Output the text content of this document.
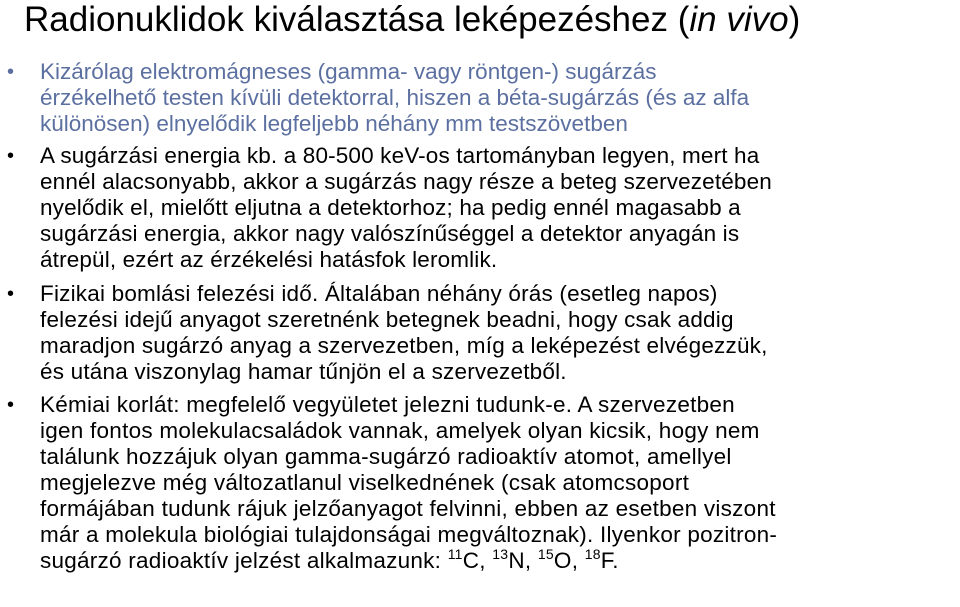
Radionuklidok kiválasztása leképezéshez (in vivo)
• Kizárólag elektromágneses (gamma- vagy röntgen-) sugárzás
érzékelhető testen kívüli detektorral, hiszen a béta-sugárzás (és az alfa
különösen) elnyelődik legfeljebb néhány mm testszövetben
• A sugárzási energia kb. a 80-500 keV-os tartományban legyen, mert ha
ennél alacsonyabb, akkor a sugárzás nagy része a beteg szervezetében
nyelődik el, mielőtt eljutna a detektorhoz; ha pedig ennél magasabb a
sugárzási energia, akkor nagy valószínűséggel a detektor anyagán is
átrepül, ezért az érzékelési hatásfok leromlik.
• Fizikai bomlási felezési idő. Általában néhány órás (esetleg napos)
felezési idejű anyagot szeretnénk betegnek beadni, hogy csak addig
maradjon sugárzó anyag a szervezetben, míg a leképezést elvégezzük,
és utána viszonylag hamar tűnjön el a szervezetből.
• Kémiai korlát: megfelelő vegyületet jelezni tudunk-e. A szervezetben
igen fontos molekulacsaládok vannak, amelyek olyan kicsik, hogy nem
találunk hozzájuk olyan gamma-sugárzó radioaktív atomot, amellyel
megjelezve még változatlanul viselkednének (csak atomcsoport
formájában tudunk rájuk jelzőanyagot felvinni, ebben az esetben viszont
már a molekula biológiai tulajdonságai megváltoznak). Ilyenkor pozitron-
sugárzó radioaktív jelzést alkalmazunk: $^{11}$C, $^{13}$N, $^{15}$O, $^{18}$F.
